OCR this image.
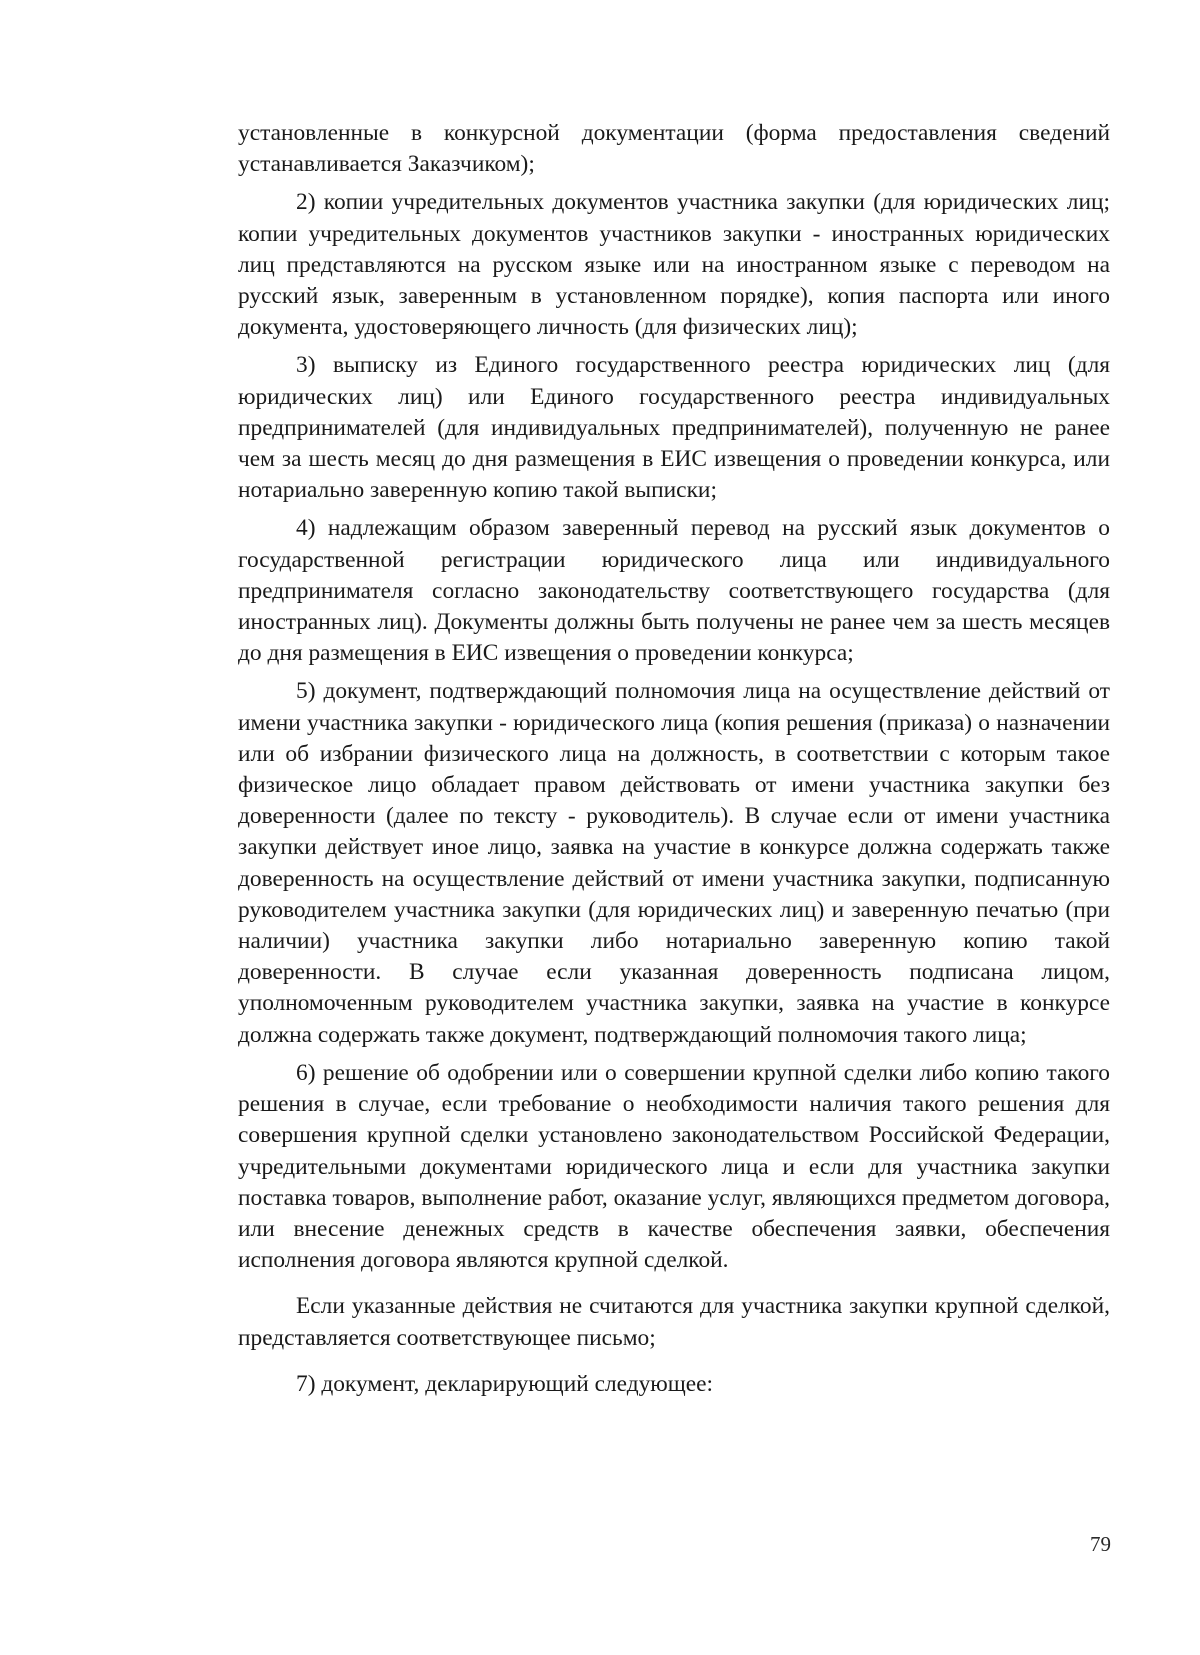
установленные в конкурсной документации (форма предоставления сведений устанавливается Заказчиком);

2) копии учредительных документов участника закупки (для юридических лиц; копии учредительных документов участников закупки - иностранных юридических лиц представляются на русском языке или на иностранном языке с переводом на русский язык, заверенным в установленном порядке), копия паспорта или иного документа, удостоверяющего личность (для физических лиц);

3) выписку из Единого государственного реестра юридических лиц (для юридических лиц) или Единого государственного реестра индивидуальных предпринимателей (для индивидуальных предпринимателей), полученную не ранее чем за шесть месяц до дня размещения в ЕИС извещения о проведении конкурса, или нотариально заверенную копию такой выписки;

4) надлежащим образом заверенный перевод на русский язык документов о государственной регистрации юридического лица или индивидуального предпринимателя согласно законодательству соответствующего государства (для иностранных лиц). Документы должны быть получены не ранее чем за шесть месяцев до дня размещения в ЕИС извещения о проведении конкурса;

5) документ, подтверждающий полномочия лица на осуществление действий от имени участника закупки - юридического лица (копия решения (приказа) о назначении или об избрании физического лица на должность, в соответствии с которым такое физическое лицо обладает правом действовать от имени участника закупки без доверенности (далее по тексту - руководитель). В случае если от имени участника закупки действует иное лицо, заявка на участие в конкурсе должна содержать также доверенность на осуществление действий от имени участника закупки, подписанную руководителем участника закупки (для юридических лиц) и заверенную печатью (при наличии) участника закупки либо нотариально заверенную копию такой доверенности. В случае если указанная доверенность подписана лицом, уполномоченным руководителем участника закупки, заявка на участие в конкурсе должна содержать также документ, подтверждающий полномочия такого лица;

6) решение об одобрении или о совершении крупной сделки либо копию такого решения в случае, если требование о необходимости наличия такого решения для совершения крупной сделки установлено законодательством Российской Федерации, учредительными документами юридического лица и если для участника закупки поставка товаров, выполнение работ, оказание услуг, являющихся предметом договора, или внесение денежных средств в качестве обеспечения заявки, обеспечения исполнения договора являются крупной сделкой.

Если указанные действия не считаются для участника закупки крупной сделкой, представляется соответствующее письмо;

7) документ, декларирующий следующее:

79
